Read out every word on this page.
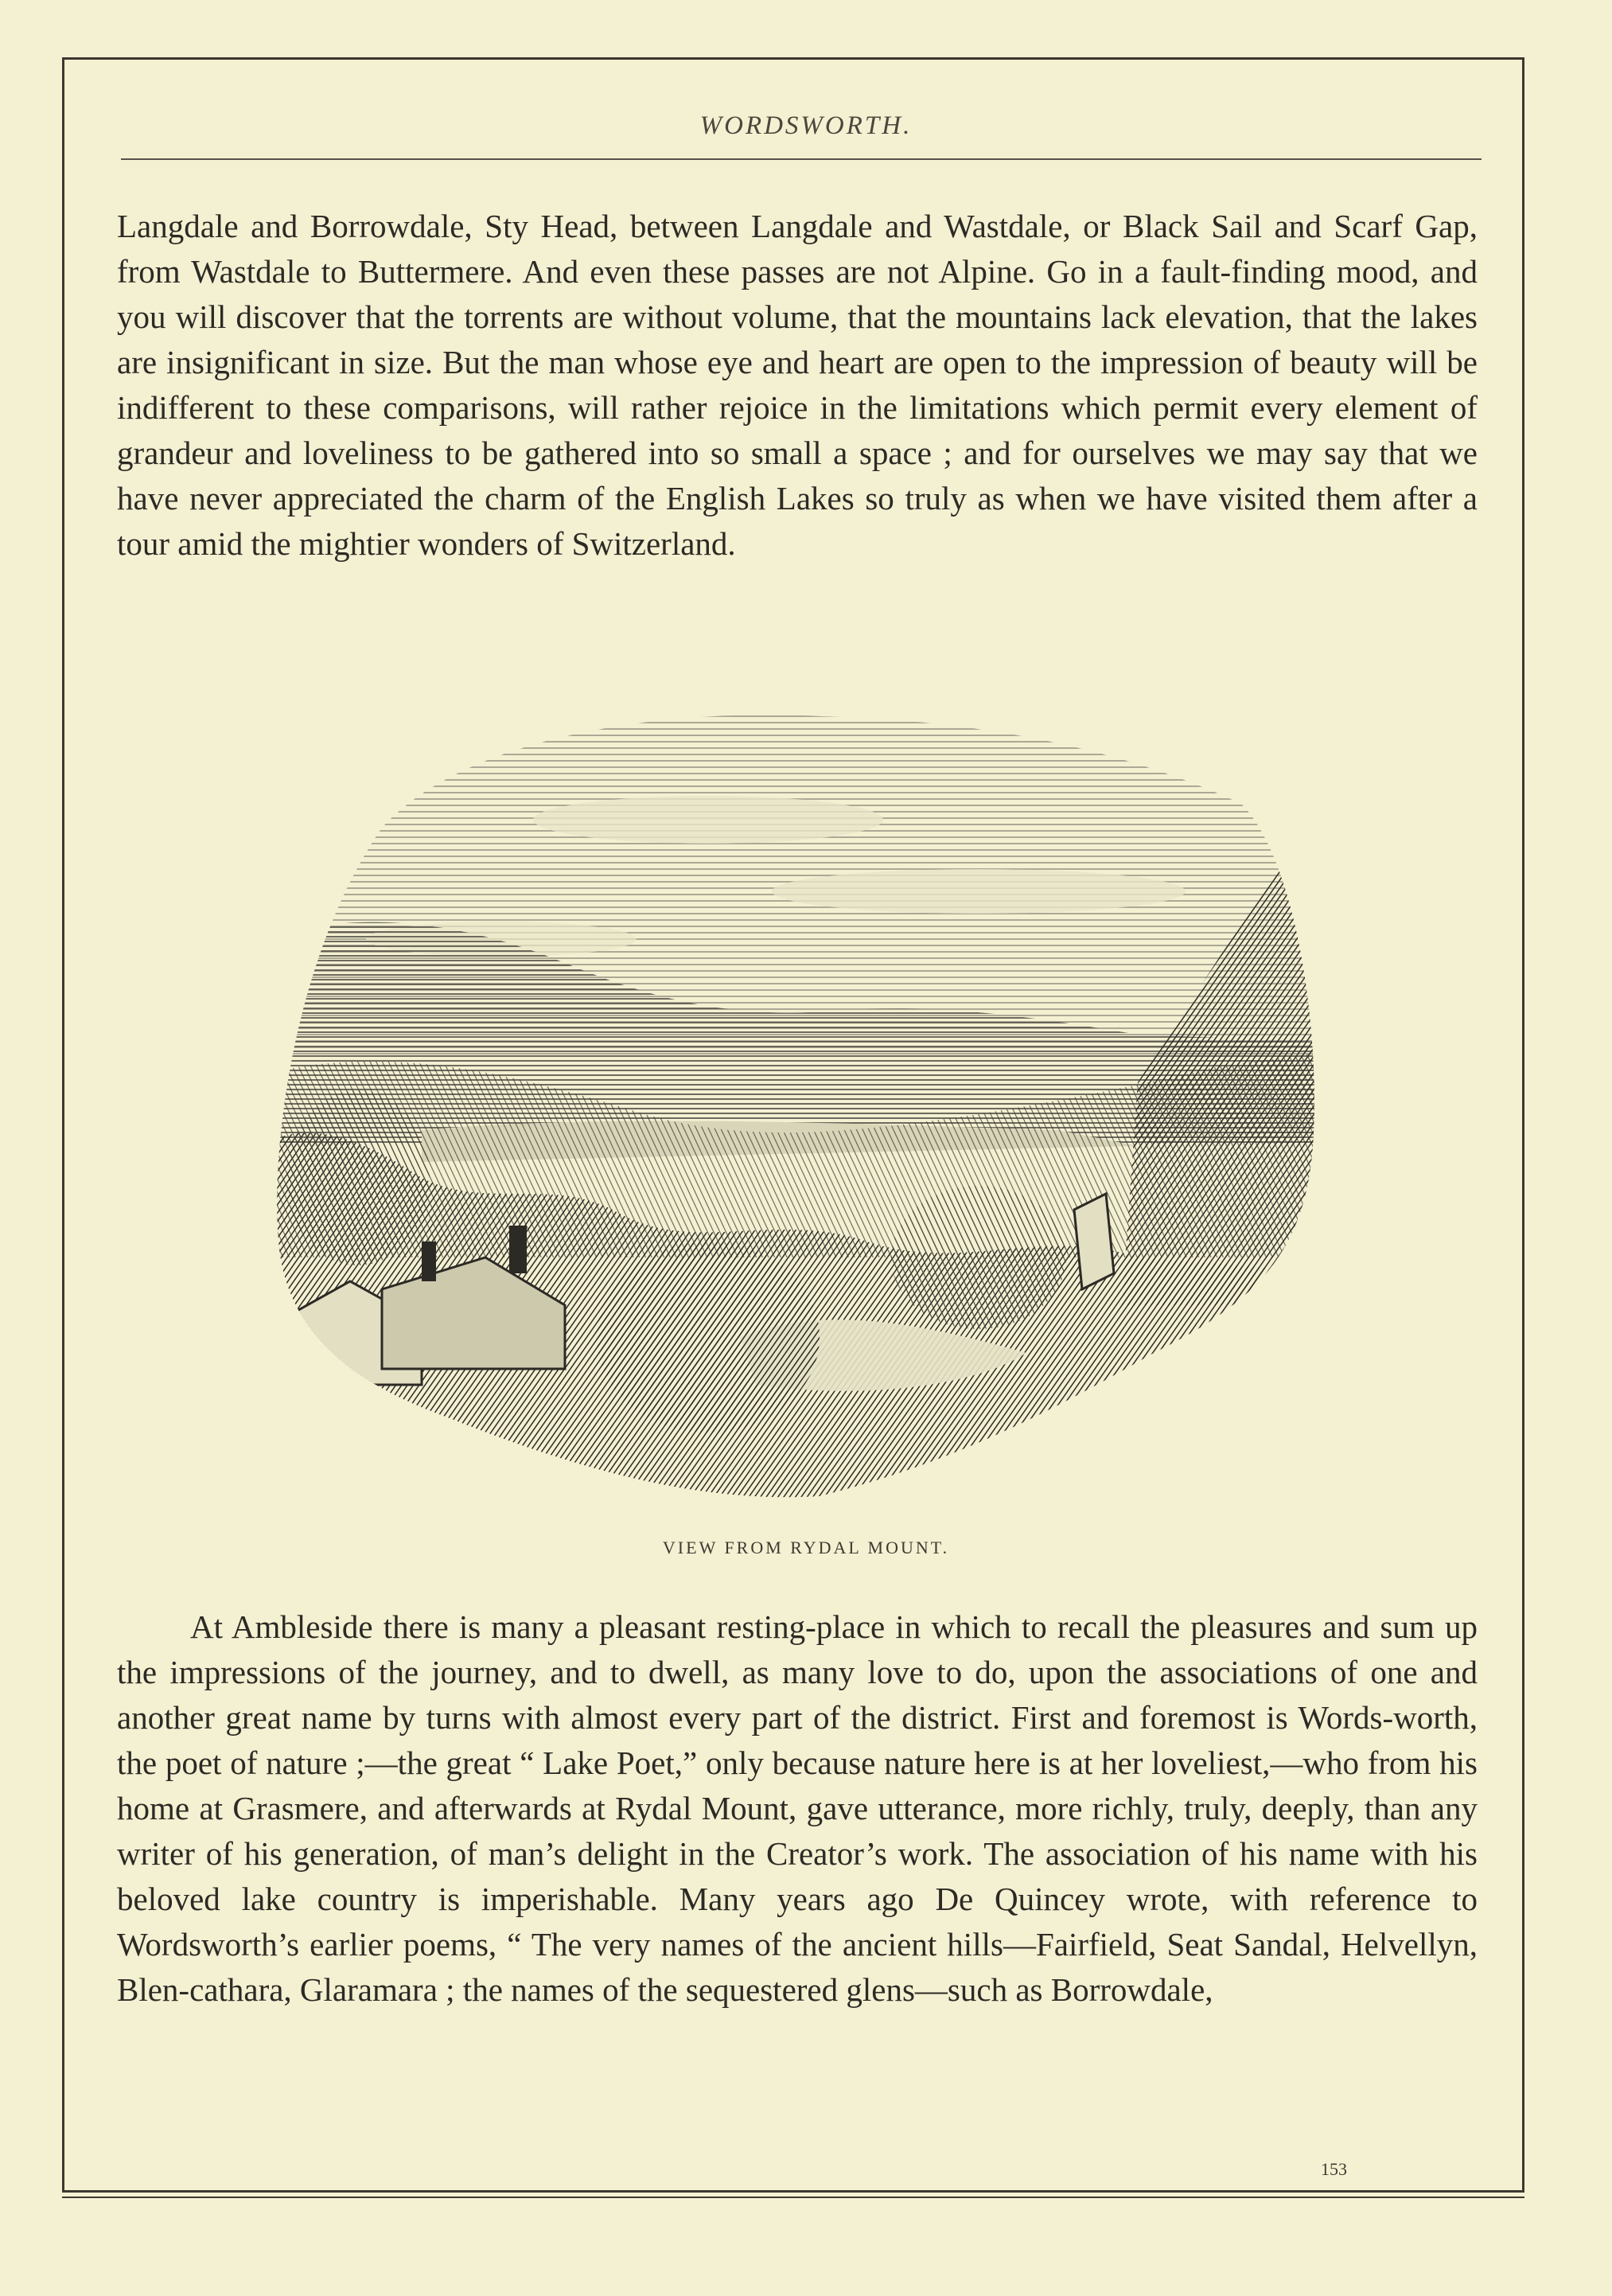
WORDSWORTH.

Langdale and Borrowdale, Sty Head, between Langdale and Wastdale, or Black Sail and Scarf Gap, from Wastdale to Buttermere. And even these passes are not Alpine. Go in a fault-finding mood, and you will discover that the torrents are without volume, that the mountains lack elevation, that the lakes are insignificant in size. But the man whose eye and heart are open to the impression of beauty will be indifferent to these comparisons, will rather rejoice in the limitations which permit every element of grandeur and loveliness to be gathered into so small a space ; and for ourselves we may say that we have never appreciated the charm of the English Lakes so truly as when we have visited them after a tour amid the mightier wonders of Switzerland.

VIEW FROM RYDAL MOUNT.

At Ambleside there is many a pleasant resting-place in which to recall the pleasures and sum up the impressions of the journey, and to dwell, as many love to do, upon the associations of one and another great name by turns with almost every part of the district. First and foremost is Words-worth, the poet of nature ;—the great “ Lake Poet,” only because nature here is at her loveliest,—who from his home at Grasmere, and afterwards at Rydal Mount, gave utterance, more richly, truly, deeply, than any writer of his generation, of man’s delight in the Creator’s work. The association of his name with his beloved lake country is imperishable. Many years ago De Quincey wrote, with reference to Wordsworth’s earlier poems, “ The very names of the ancient hills—Fairfield, Seat Sandal, Helvellyn, Blen-cathara, Glaramara ; the names of the sequestered glens—such as Borrowdale,

153
